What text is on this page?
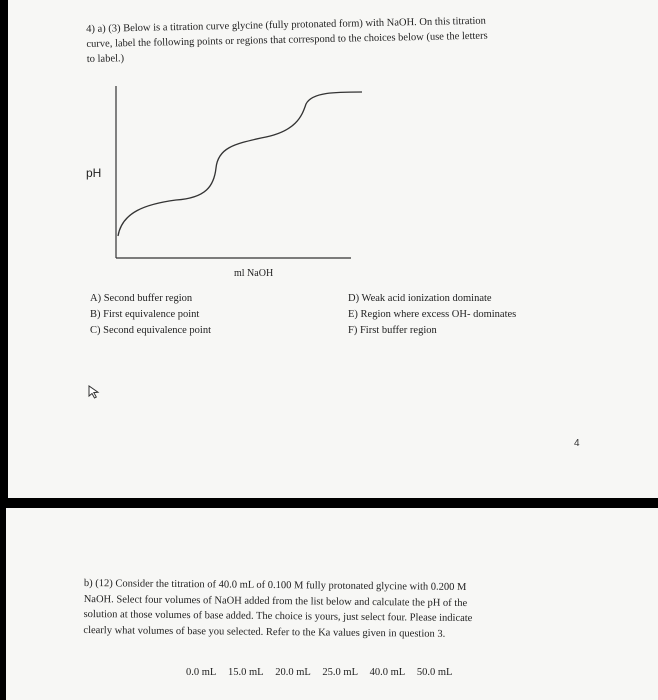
4) a) (3) Below is a titration curve glycine (fully protonated form) with NaOH. On this titration
curve, label the following points or regions that correspond to the choices below (use the letters
to label.)
pH
ml NaOH
A) Second buffer region
B) First equivalence point
C) Second equivalence point
D) Weak acid ionization dominate
E) Region where excess OH- dominates
F) First buffer region
4
b) (12) Consider the titration of 40.0 mL of 0.100 M fully protonated glycine with 0.200 M
NaOH. Select four volumes of NaOH added from the list below and calculate the pH of the
solution at those volumes of base added. The choice is yours, just select four. Please indicate
clearly what volumes of base you selected. Refer to the Ka values given in question 3.
0.0 mL 15.0 mL 20.0 mL 25.0 mL 40.0 mL 50.0 mL
